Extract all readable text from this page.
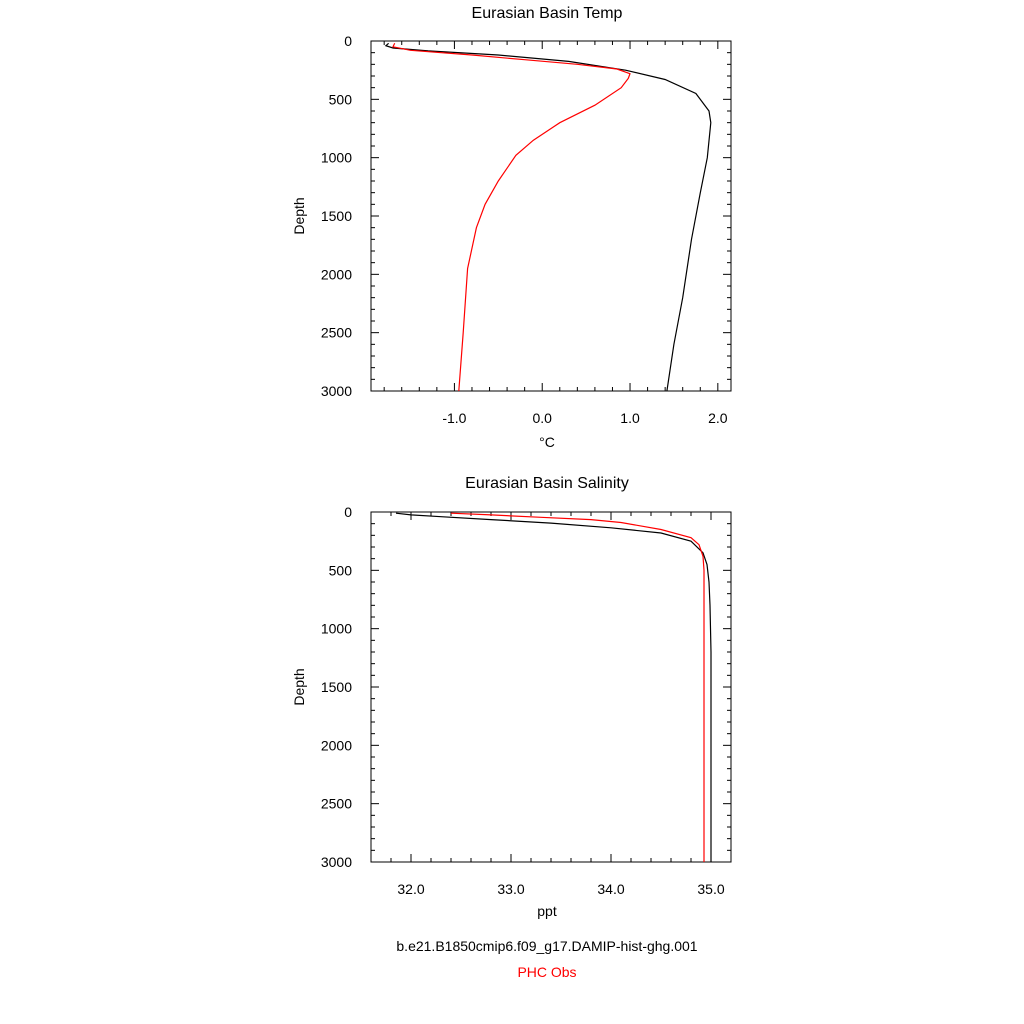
Eurasian Basin Temp
°C
Depth
0
500
1000
1500
2000
2500
3000
-1.0	0.0	1.0	2.0
Eurasian Basin Salinity
ppt
Depth
0
500
1000
1500
2000
2500
3000
32.0	33.0	34.0	35.0
b.e21.B1850cmip6.f09_g17.DAMIP-hist-ghg.001
PHC Obs
